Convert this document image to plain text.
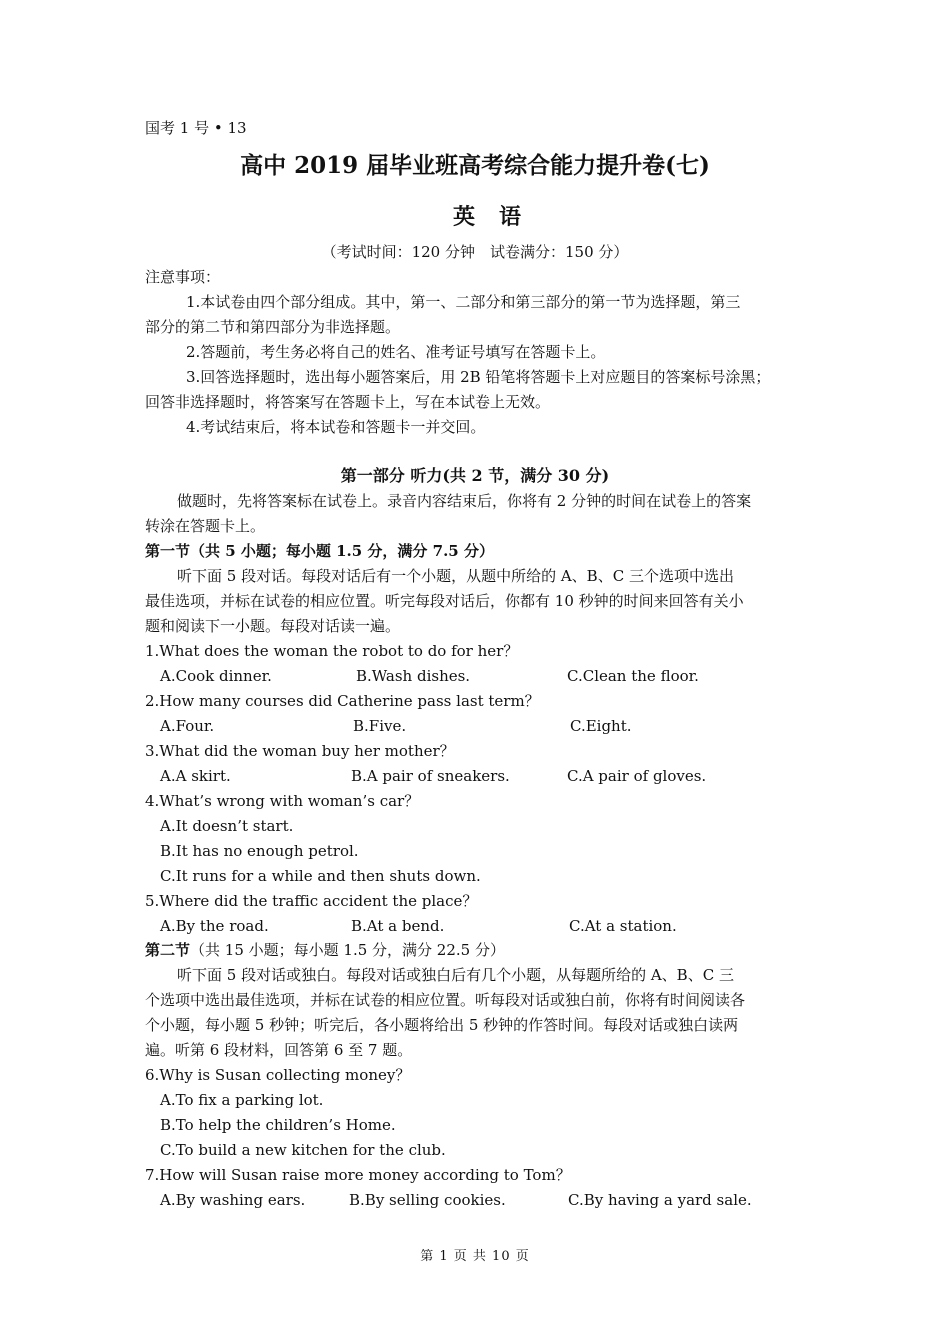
国考 1 号 • 13
高中 2019 届毕业班高考综合能力提升卷(七)
英语
（考试时间：120 分钟　试卷满分：150 分）
注意事项：
1.本试卷由四个部分组成。其中，第一、二部分和第三部分的第一节为选择题，第三
部分的第二节和第四部分为非选择题。
2.答题前，考生务必将自己的姓名、准考证号填写在答题卡上。
3.回答选择题时，选出每小题答案后，用 2B 铅笔将答题卡上对应题目的答案标号涂黑；
回答非选择题时，将答案写在答题卡上，写在本试卷上无效。
4.考试结束后，将本试卷和答题卡一并交回。
第一部分 听力(共 2 节，满分 30 分)
做题时，先将答案标在试卷上。录音内容结束后，你将有 2 分钟的时间在试卷上的答案
转涂在答题卡上。
第一节（共 5 小题；每小题 1.5 分，满分 7.5 分）
听下面 5 段对话。每段对话后有一个小题，从题中所给的 A、B、C 三个选项中选出
最佳选项，并标在试卷的相应位置。听完每段对话后，你都有 10 秒钟的时间来回答有关小
题和阅读下一小题。每段对话读一遍。
1.What does the woman the robot to do for her？
A.Cook dinner.	B.Wash dishes.	C.Clean the floor.
2.How many courses did Catherine pass last term？
A.Four.	B.Five.	C.Eight.
3.What did the woman buy her mother？
A.A skirt.	B.A pair of sneakers.	C.A pair of gloves.
4.What’s wrong with woman’s car？
A.It doesn’t start.
B.It has no enough petrol.
C.It runs for a while and then shuts down.
5.Where did the traffic accident the place？
A.By the road.	B.At a bend.	C.At a station.
第二节（共 15 小题；每小题 1.5 分，满分 22.5 分）
听下面 5 段对话或独白。每段对话或独白后有几个小题，从每题所给的 A、B、C 三
个选项中选出最佳选项，并标在试卷的相应位置。听每段对话或独白前，你将有时间阅读各
个小题，每小题 5 秒钟；听完后，各小题将给出 5 秒钟的作答时间。每段对话或独白读两
遍。听第 6 段材料，回答第 6 至 7 题。
6.Why is Susan collecting money？
A.To fix a parking lot.
B.To help the children’s Home.
C.To build a new kitchen for the club.
7.How will Susan raise more money according to Tom？
A.By washing ears.	B.By selling cookies.	C.By having a yard sale.
第 1 页 共 10 页
